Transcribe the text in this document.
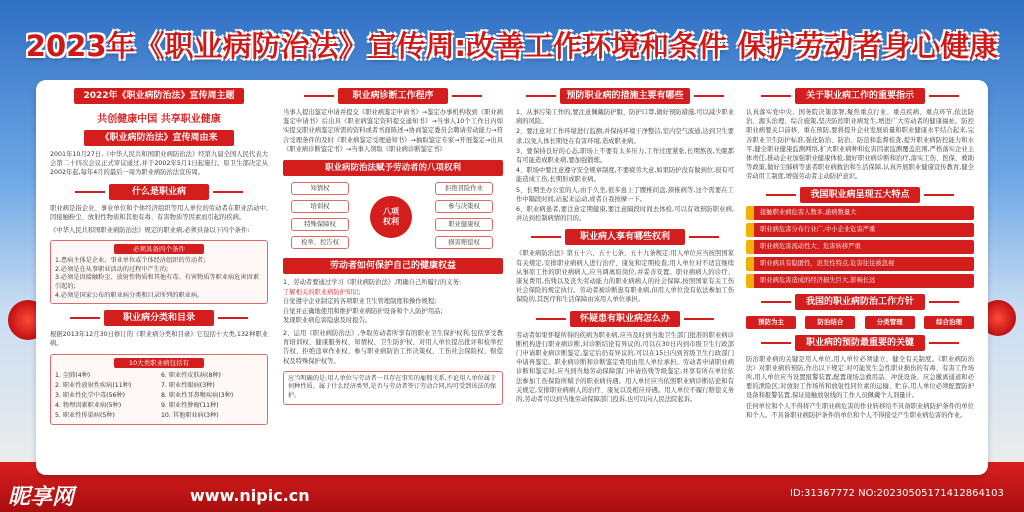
2023年《职业病防治法》宣传周:改善工作环境和条件 保护劳动者身心健康
2022年《职业病防治法》宣传周主题
共创健康中国 共享职业健康
《职业病防治法》宣传周由来
2001年10月27日,《中华人民共和国职业病防治法》经第九届全国人民代表大会第二十四次会议正式审议通过,并于2002年5月1日起施行。原卫生部决定从2002年起,每年4月的最后一周为职业病防治法宣传周。
什么是职业病
职业病是指企业、事业单位和个体经济组织等用人单位的劳动者在职业活动中,因接触粉尘、放射性物质和其他有毒、有害物质等因素而引起的疾病。
《中华人民共和国职业病防治法》规定的职业病,必须具备以下四个条件:
必须具备四个条件
1.患病主体是企业、事业单位或个体经济组织的劳动者;
2.必须是在从事职业活动的过程中产生的;
3.必须是因接触粉尘、放射性物质和其他有毒、有害物质等职业病危害因素引起的;
4.必须是国家公布的职业病分类和目录所列的职业病。
职业病分类和目录
根据2013年12月30日修订的《职业病分类和目录》它包括十大类,132种职业病。
10大类职业病包括有
1. 尘肺(4种)	6. 职业性皮肤病(8种)
2. 职业性放射性疾病(11种)	7. 职业性眼病(3种)
3. 职业性化学中毒(56种)	8. 职业性耳鼻喉疾病(3种)
4. 物理因素职业病(5种)	9. 职业性肿瘤(11种)
5. 职业性传染病(5种)	10. 其他职业病(3种)
职业病诊断工作程序
当事人提出鉴定申请并提交《职业病鉴定申请书》→鉴定办事机构收到《职业病鉴定申请书》后出具《职业病鉴定资料提交通知书》→当事人10个工作日内如实提交职业病鉴定所需的资料或者书面陈述→协商鉴定委员会聘请劳动能力→符合受理条件的及时《职业病鉴定受理通知书》→抽取鉴定专家→开展鉴定→出具《职业病诊断鉴定书》→当事人领取《职业病诊断鉴定书》
职业病防治法赋予劳动者的八项权利
知情权
培训权
特殊保障权
检举、控告权
八项
权利
拒绝冒险作业
参与决策权
职业健康权
损害赔偿权
劳动者如何保护自己的健康权益
1、劳动者要通过学习《职业病防治法》,明确自己所履行的义务:
了解相关的职业病防护知识;
自觉遵守企业制定的各项职业卫生管理制度和操作规程;
自觉并正确地使用和维护职业病防护设备和个人防护用品;
发现职业病危害隐患及时报告。
2、运用《职业病防治法》,争取劳动者所享有的职业卫生保护权利,包括享受教育培训权、健康服务权、知情权、卫生防护权、对用人单位提出批评和检举控告权、拒绝违章作业权、参与职业病防治工作决策权、工伤社会保险权、赔偿权及特殊保护权等。
应当明确的是:用人单位与劳动者一旦存在事实的雇佣关系,不论用人单位属于何种性质、属于什么经济类型,是否与劳动者签订劳动合同,均可受到该法的保护。
预防职业病的措施主要有哪些
1、从事污染工作的,要注意佩戴防护服、防护口罩,做好预防措施,可以减少职业病的风险。
2、要注意对工作环境进行监测,并保持环境干净整洁,室内空气流通,达到卫生要求,以免人体长期处在有害环境,造成职业病。
3、要保持良好的心态,职场上不要有太多压力,工作过度紧张,长期熬夜,失眠都有可能造成职业病,要加强锻炼。
4、职场中要注意遵守安全规章制度,不要疲劳大意,如果防护没有做到位,很有可能造成工伤,长期形成职业病。
5、长期坐办公室的人,由于久坐,很多患上了腰椎间盘,颈椎病等,这个需要在工作中隔段时间,站起来运动,或者自我按摩一下。
6、职业病患者,要注意定期健康,要注意隔段时间去体检,可以有效预防职业病,并达到控制病情的目的。
职业病人享有哪些权利
《职业病防治法》第五十六、五十七条、五十九条规定:用人单位应当按照国家有关规定,安排职业病病人进行治疗、康复和定期检查;用人单位对不适宜继续从事原工作的职业病病人,应当调离原岗位,并妥善安置。职业病病人的诊疗、康复费用,伤残以及丧失劳动能力的职业病病人的社会保障,按照国家有关工伤社会保险的规定执行。劳动者被诊断患有职业病,但用人单位没有依法参加工伤保险的,其医疗和生活保障由该用人单位承担。
怀疑患有职业病怎么办
劳动者如果怀疑所得的疾病为职业病,应当及时到当地卫生部门批准的职业病诊断机构进行职业病诊断,对诊断结论有异议的,可以在30日内到市级卫生行政部门申请职业病诊断鉴定,鉴定后仍有异议的,可以在15日内到省级卫生行政部门申请再鉴定。职业病诊断和诊断鉴定费用由用人单位承担。劳动者申请职业病诊断和鉴定时,应当到当地劳动保障部门申请伤残等级鉴定,并享有所在单位依法参加工伤保险所赋予的职业病待遇。用人单位应当依照职业病诊断结论和有关规定,安排职业病病人的治疗、康复以及相应待遇。用人单位不履行赔偿义务的,劳动者可以到当地劳动保障部门投诉,也可以向人民法院起诉。
关于职业病工作的重要指示
认真落实党中央、国务院决策部署,聚焦重点行业、重点疾病、重点环节,依法防治、源头治理、综合施策,坚决防控职业病发生,增进广大劳动者的健康福祉。防控职业病要关口前移、重在预防,要将提升企业发展质量和职业健康水平结合起来,完善职业卫生防护标准,强化防治、防治、防范和监督检查,提升职业病防控能力和水平,健全职业健康监测网络,扩大职业病种和危害因素监测覆盖范围,严格落实企业主体责任,推动企业加强职业健康体检,做好职业病诊断和治疗,落实工伤、医保、救助等政策,做好尘肺病等患者职业病救治和生活保障,认真开展职业健康宣传教育,健全劳动用工制度,增强劳动者主动防护意识。
我国职业病呈现五大特点
接触职业病危害人数多,患病数量大
职业病危害分布行业广,中小企业危害严重
职业病危害流动性大、危害转移严重
职业病具有隐匿性、迟发性特点,危害往往被忽视
职业病危害造成的经济损失巨大,影响长远
我国的职业病防治工作方针
预防为主	防治结合	分类管理	综合治理
职业病的预防最重要的关键
防治职业病的关键是用人单位,用人单位必须建立、健全有关制度。《职业病防治法》对职业病的预防,作出以下规定:对可能发生急性职业损伤的有毒、有害工作场所,用人单位应当设置报警装置,配置现场急救用品、冲洗设备、应急撤离通道和必要的泄险区;对放射工作场所和放射性同位素的运输、贮存,用人单位必须配置防护设备和报警装置,保证接触放射线的工作人员佩戴个人剂量计。
任何单位和个人不得将产生职业病危害的作业转移给不具备职业病防护条件的单位和个人。不具备职业病防护条件的单位和个人不得接受产生职业病危害的作业。
昵享网	www.nipic.cn	ID:31367772 NO:20230505171412864103
